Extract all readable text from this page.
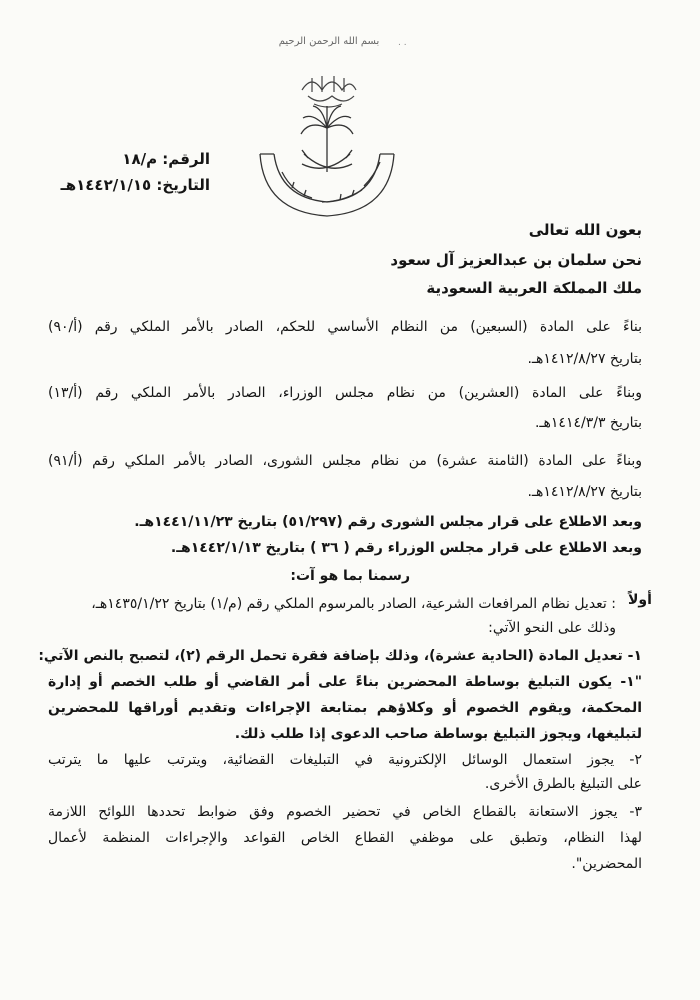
بسم الله الرحمن الرحيم	. .
الرقم: م/١٨
التاريخ: ١٤٤٢/١/١٥هـ
بعون الله تعالى
نحن سلمان بن عبدالعزيز آل سعود
ملك المملكة العربية السعودية
بناءً على المادة (السبعين) من النظام الأساسي للحكم، الصادر بالأمر الملكي رقم (أ/٩٠)
بتاريخ ١٤١٢/٨/٢٧هـ.
وبناءً على المادة (العشرين) من نظام مجلس الوزراء، الصادر بالأمر الملكي رقم (أ/١٣)
بتاريخ ١٤١٤/٣/٣هـ.
وبناءً على المادة (الثامنة عشرة) من نظام مجلس الشورى، الصادر بالأمر الملكي رقم (أ/٩١)
بتاريخ ١٤١٢/٨/٢٧هـ.
وبعد الاطلاع على قرار مجلس الشورى رقم (٥١/٢٩٧) بتاريخ ١٤٤١/١١/٢٣هـ.
وبعد الاطلاع على قرار مجلس الوزراء رقم ( ٣٦ ) بتاريخ ١٤٤٢/١/١٣هـ.
رسمنا بما هو آت:
أولاً
: تعديل نظام المرافعات الشرعية، الصادر بالمرسوم الملكي رقم (م/١) بتاريخ ١٤٣٥/١/٢٢هـ،
وذلك على النحو الآتي:
١- تعديل المادة (الحادية عشرة)، وذلك بإضافة فقرة تحمل الرقم (٢)، لتصبح بالنص الآتي:
"١- يكون التبليغ بوساطة المحضرين بناءً على أمر القاضي أو طلب الخصم أو إدارة
المحكمة، ويقوم الخصوم أو وكلاؤهم بمتابعة الإجراءات وتقديم أوراقها للمحضرين
لتبليغها، ويجوز التبليغ بوساطة صاحب الدعوى إذا طلب ذلك.
٢- يجوز استعمال الوسائل الإلكترونية في التبليغات القضائية، ويترتب عليها ما يترتب
على التبليغ بالطرق الأخرى.
٣- يجوز الاستعانة بالقطاع الخاص في تحضير الخصوم وفق ضوابط تحددها اللوائح اللازمة
لهذا النظام، وتطبق على موظفي القطاع الخاص القواعد والإجراءات المنظمة لأعمال
المحضرين".
